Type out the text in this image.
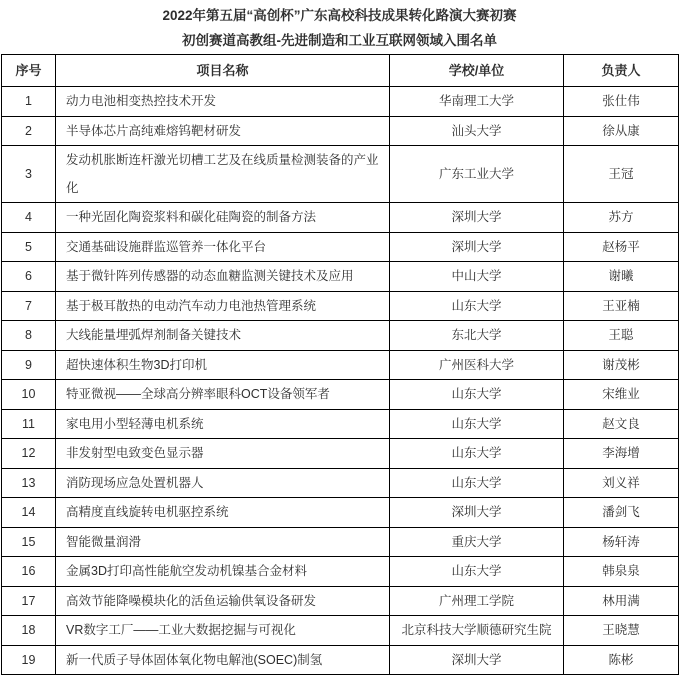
2022年第五届“高创杯”广东高校科技成果转化路演大赛初赛
初创赛道高教组-先进制造和工业互联网领域入围名单
序号	项目名称	学校/单位	负责人
1	动力电池相变热控技术开发	华南理工大学	张仕伟
2	半导体芯片高纯难熔钨靶材研发	汕头大学	徐从康
3	发动机胀断连杆激光切槽工艺及在线质量检测装备的产业化	广东工业大学	王冠
4	一种光固化陶瓷浆料和碳化硅陶瓷的制备方法	深圳大学	苏方
5	交通基础设施群监巡管养一体化平台	深圳大学	赵杨平
6	基于微针阵列传感器的动态血糖监测关键技术及应用	中山大学	谢曦
7	基于极耳散热的电动汽车动力电池热管理系统	山东大学	王亚楠
8	大线能量埋弧焊剂制备关键技术	东北大学	王聪
9	超快速体积生物3D打印机	广州医科大学	谢茂彬
10	特亚微视——全球高分辨率眼科OCT设备领军者	山东大学	宋维业
11	家电用小型轻薄电机系统	山东大学	赵文良
12	非发射型电致变色显示器	山东大学	李海增
13	消防现场应急处置机器人	山东大学	刘义祥
14	高精度直线旋转电机驱控系统	深圳大学	潘剑飞
15	智能微量润滑	重庆大学	杨轩涛
16	金属3D打印高性能航空发动机镍基合金材料	山东大学	韩泉泉
17	高效节能降噪模块化的活鱼运输供氧设备研发	广州理工学院	林用满
18	VR数字工厂——工业大数据挖掘与可视化	北京科技大学顺德研究生院	王晓慧
19	新一代质子导体固体氧化物电解池(SOEC)制氢	深圳大学	陈彬
